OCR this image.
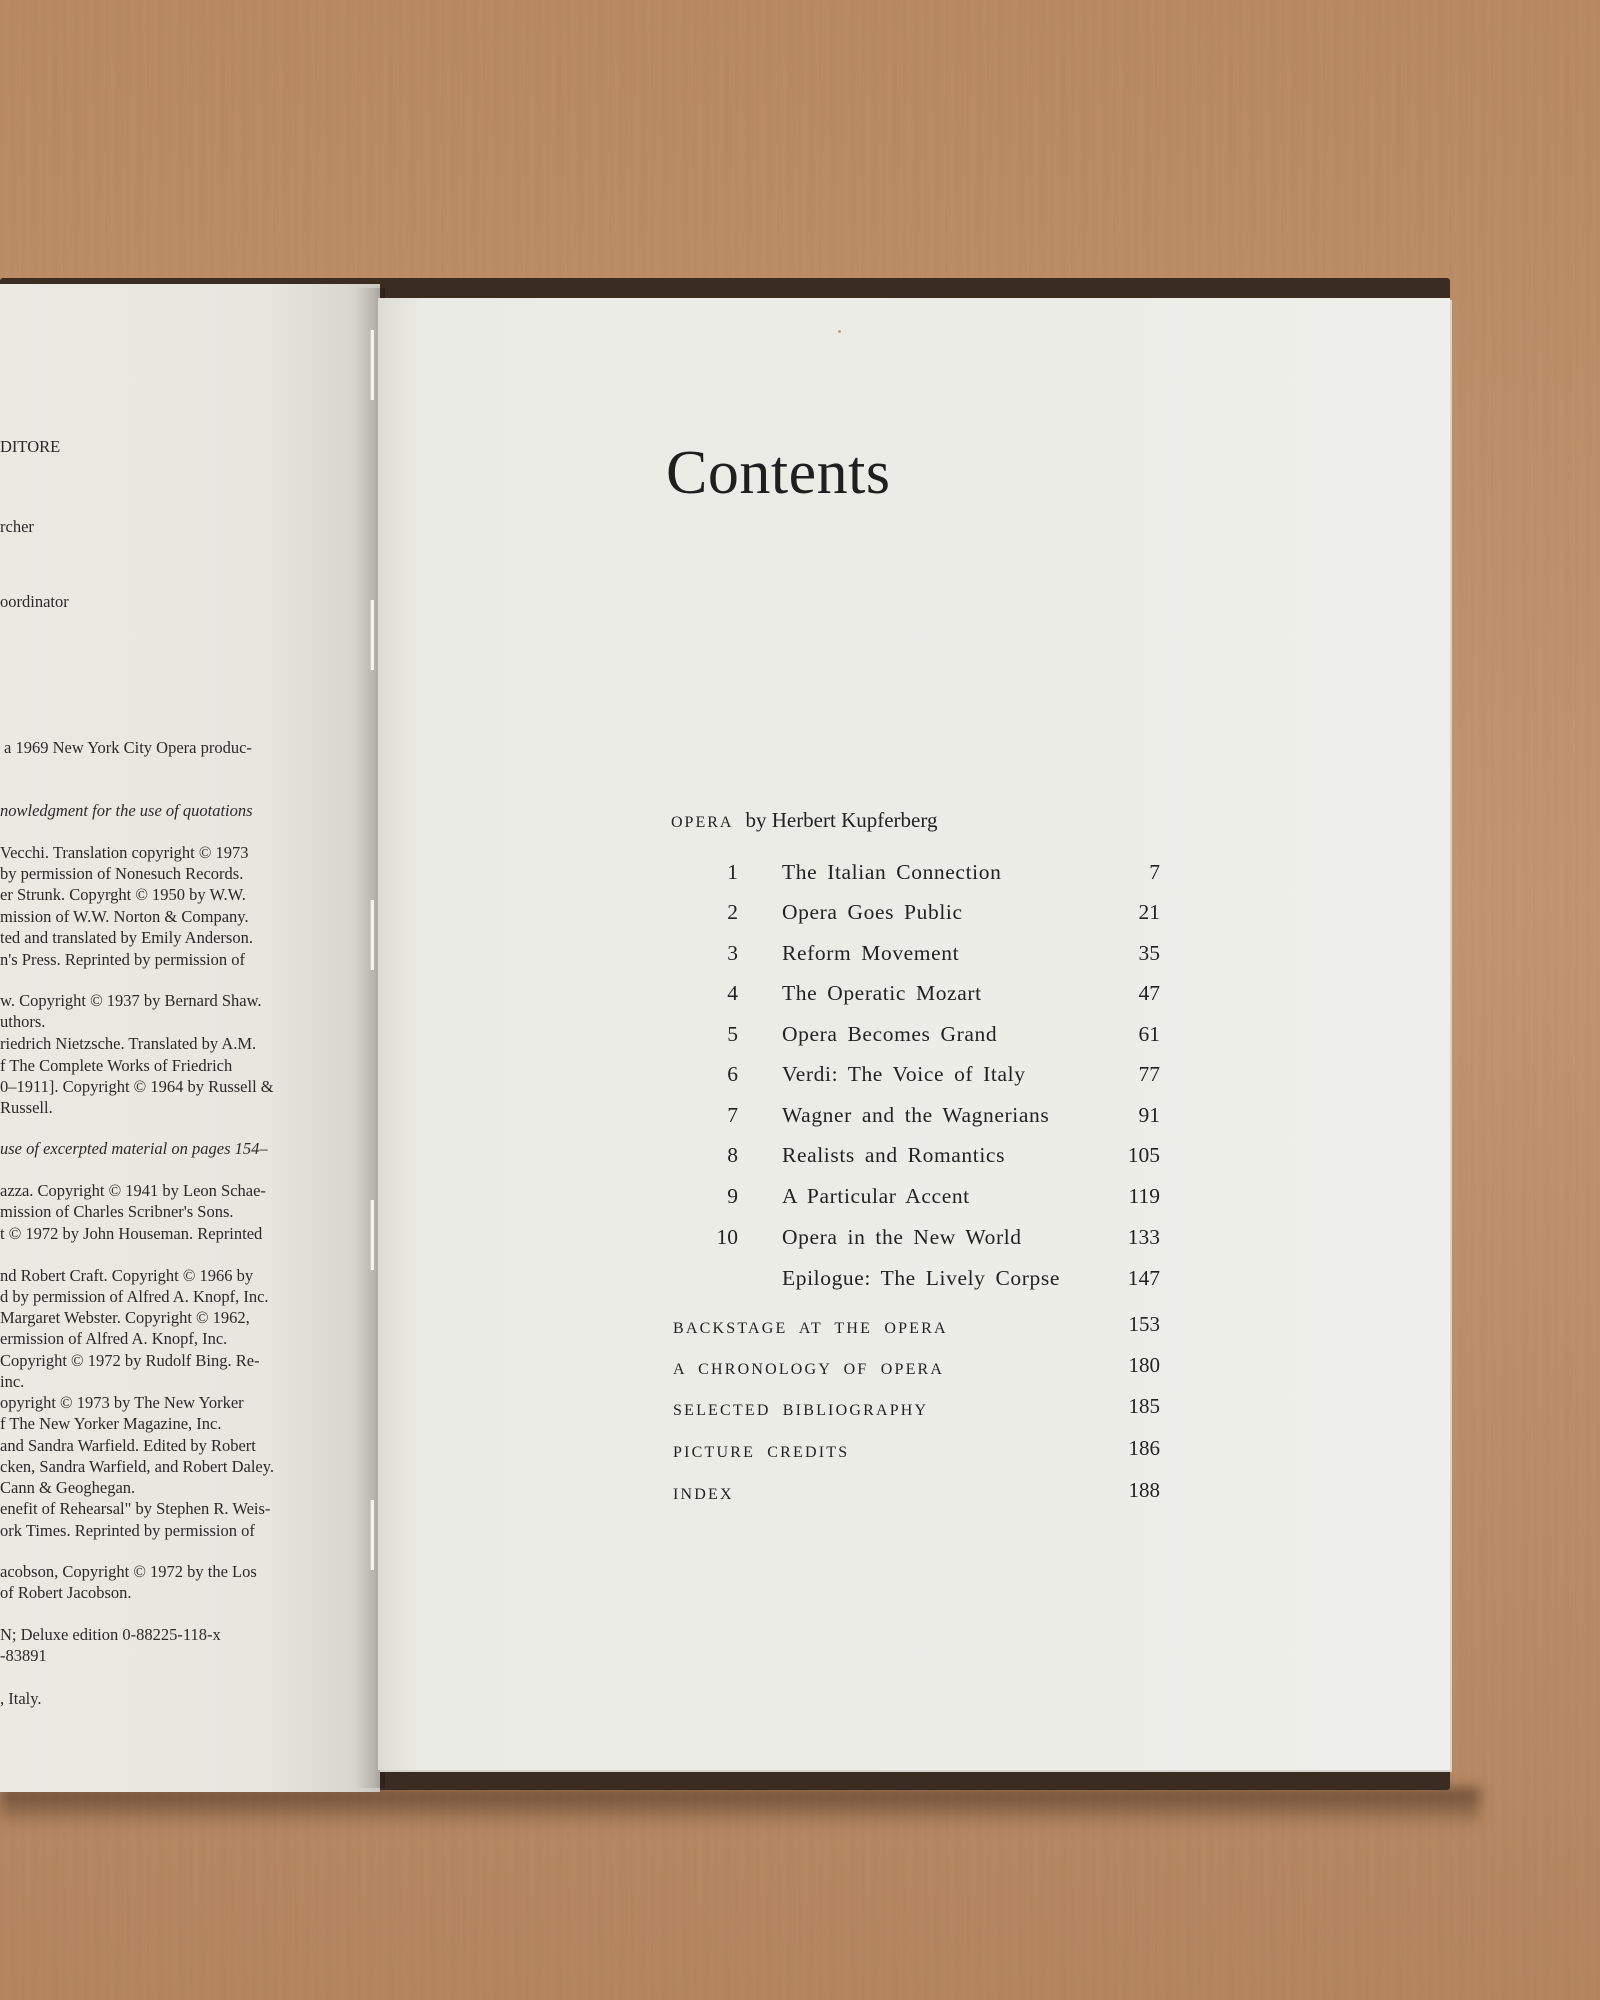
DITORE
rcher
oordinator
a 1969 New York City Opera produc-
nowledgment for the use of quotations
Vecchi. Translation copyright © 1973
by permission of Nonesuch Records.
er Strunk. Copyrght © 1950 by W.W.
mission of W.W. Norton & Company.
ted and translated by Emily Anderson.
n's Press. Reprinted by permission of
w. Copyright © 1937 by Bernard Shaw.
uthors.
riedrich Nietzsche. Translated by A.M.
f The Complete Works of Friedrich
0–1911]. Copyright © 1964 by Russell &
Russell.
use of excerpted material on pages 154–
azza. Copyright © 1941 by Leon Schae-
mission of Charles Scribner's Sons.
t © 1972 by John Houseman. Reprinted
nd Robert Craft. Copyright © 1966 by
d by permission of Alfred A. Knopf, Inc.
Margaret Webster. Copyright © 1962,
ermission of Alfred A. Knopf, Inc.
Copyright © 1972 by Rudolf Bing. Re-
inc.
opyright © 1973 by The New Yorker
f The New Yorker Magazine, Inc.
and Sandra Warfield. Edited by Robert
cken, Sandra Warfield, and Robert Daley.
Cann & Geoghegan.
enefit of Rehearsal" by Stephen R. Weis-
ork Times. Reprinted by permission of
acobson, Copyright © 1972 by the Los
of Robert Jacobson.
N; Deluxe edition 0-88225-118-x
-83891
, Italy.
Contents
OPERA by Herbert Kupferberg
1 The Italian Connection	7
2 Opera Goes Public	21
3 Reform Movement	35
4 The Operatic Mozart	47
5 Opera Becomes Grand	61
6 Verdi: The Voice of Italy	77
7 Wagner and the Wagnerians	91
8 Realists and Romantics	105
9 A Particular Accent	119
10 Opera in the New World	133
Epilogue: The Lively Corpse	147
BACKSTAGE AT THE OPERA	153
A CHRONOLOGY OF OPERA	180
SELECTED BIBLIOGRAPHY	185
PICTURE CREDITS	186
INDEX	188
